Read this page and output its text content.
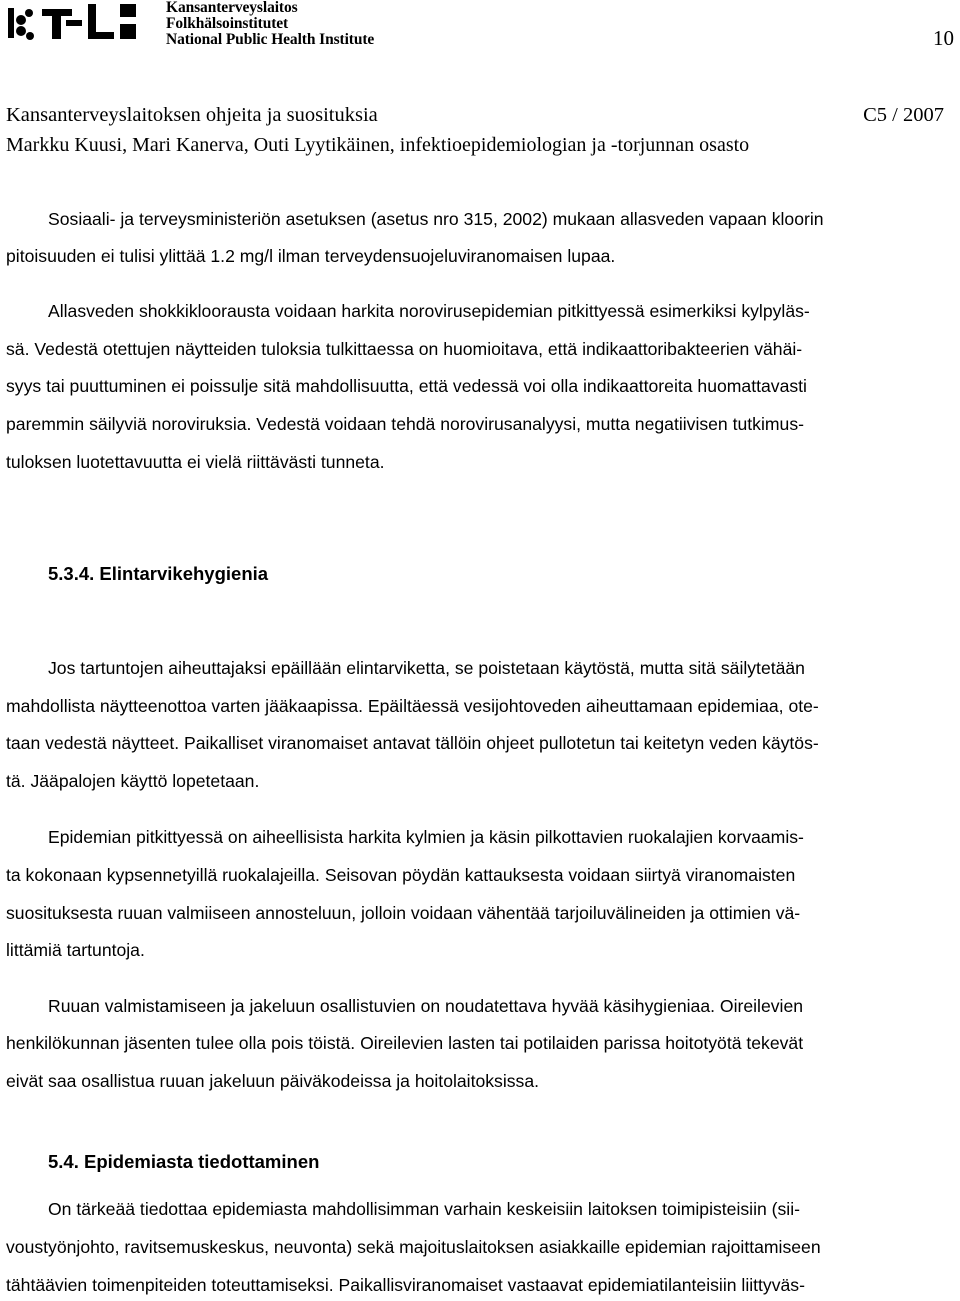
Kansanterveyslaitos
Folkhälsoinstitutet
National Public Health Institute	10
Kansanterveyslaitoksen ohjeita ja suosituksia	C5 / 2007
Markku Kuusi, Mari Kanerva, Outi Lyytikäinen, infektioepidemiologian ja -torjunnan osasto
Sosiaali- ja terveysministeriön asetuksen (asetus nro 315, 2002) mukaan allasveden vapaan kloorin
pitoisuuden ei tulisi ylittää 1.2 mg/l ilman terveydensuojeluviranomaisen lupaa.
Allasveden shokkikloorausta voidaan harkita norovirusepidemian pitkittyessä esimerkiksi kylpyläs-
sä. Vedestä otettujen näytteiden tuloksia tulkittaessa on huomioitava, että indikaattoribakteerien vähäi-
syys tai puuttuminen ei poissulje sitä mahdollisuutta, että vedessä voi olla indikaattoreita huomattavasti
paremmin säilyviä noroviruksia. Vedestä voidaan tehdä norovirusanalyysi, mutta negatiivisen tutkimus-
tuloksen luotettavuutta ei vielä riittävästi tunneta.
5.3.4. Elintarvikehygienia
Jos tartuntojen aiheuttajaksi epäillään elintarviketta, se poistetaan käytöstä, mutta sitä säilytetään
mahdollista näytteenottoa varten jääkaapissa. Epäiltäessä vesijohtoveden aiheuttamaan epidemiaa, ote-
taan vedestä näytteet. Paikalliset viranomaiset antavat tällöin ohjeet pullotetun tai keitetyn veden käytös-
tä. Jääpalojen käyttö lopetetaan.
Epidemian pitkittyessä on aiheellisista harkita kylmien ja käsin pilkottavien ruokalajien korvaamis-
ta kokonaan kypsennetyillä ruokalajeilla. Seisovan pöydän kattauksesta voidaan siirtyä viranomaisten
suosituksesta ruuan valmiiseen annosteluun, jolloin voidaan vähentää tarjoiluvälineiden ja ottimien vä-
littämiä tartuntoja.
Ruuan valmistamiseen ja jakeluun osallistuvien on noudatettava hyvää käsihygieniaa. Oireilevien
henkilökunnan jäsenten tulee olla pois töistä. Oireilevien lasten tai potilaiden parissa hoitotyötä tekevät
eivät saa osallistua ruuan jakeluun päiväkodeissa ja hoitolaitoksissa.
5.4. Epidemiasta tiedottaminen
On tärkeää tiedottaa epidemiasta mahdollisimman varhain keskeisiin laitoksen toimipisteisiin (sii-
voustyönjohto, ravitsemuskeskus, neuvonta) sekä majoituslaitoksen asiakkaille epidemian rajoittamiseen
tähtäävien toimenpiteiden toteuttamiseksi. Paikallisviranomaiset vastaavat epidemiatilanteisiin liittyväs-
